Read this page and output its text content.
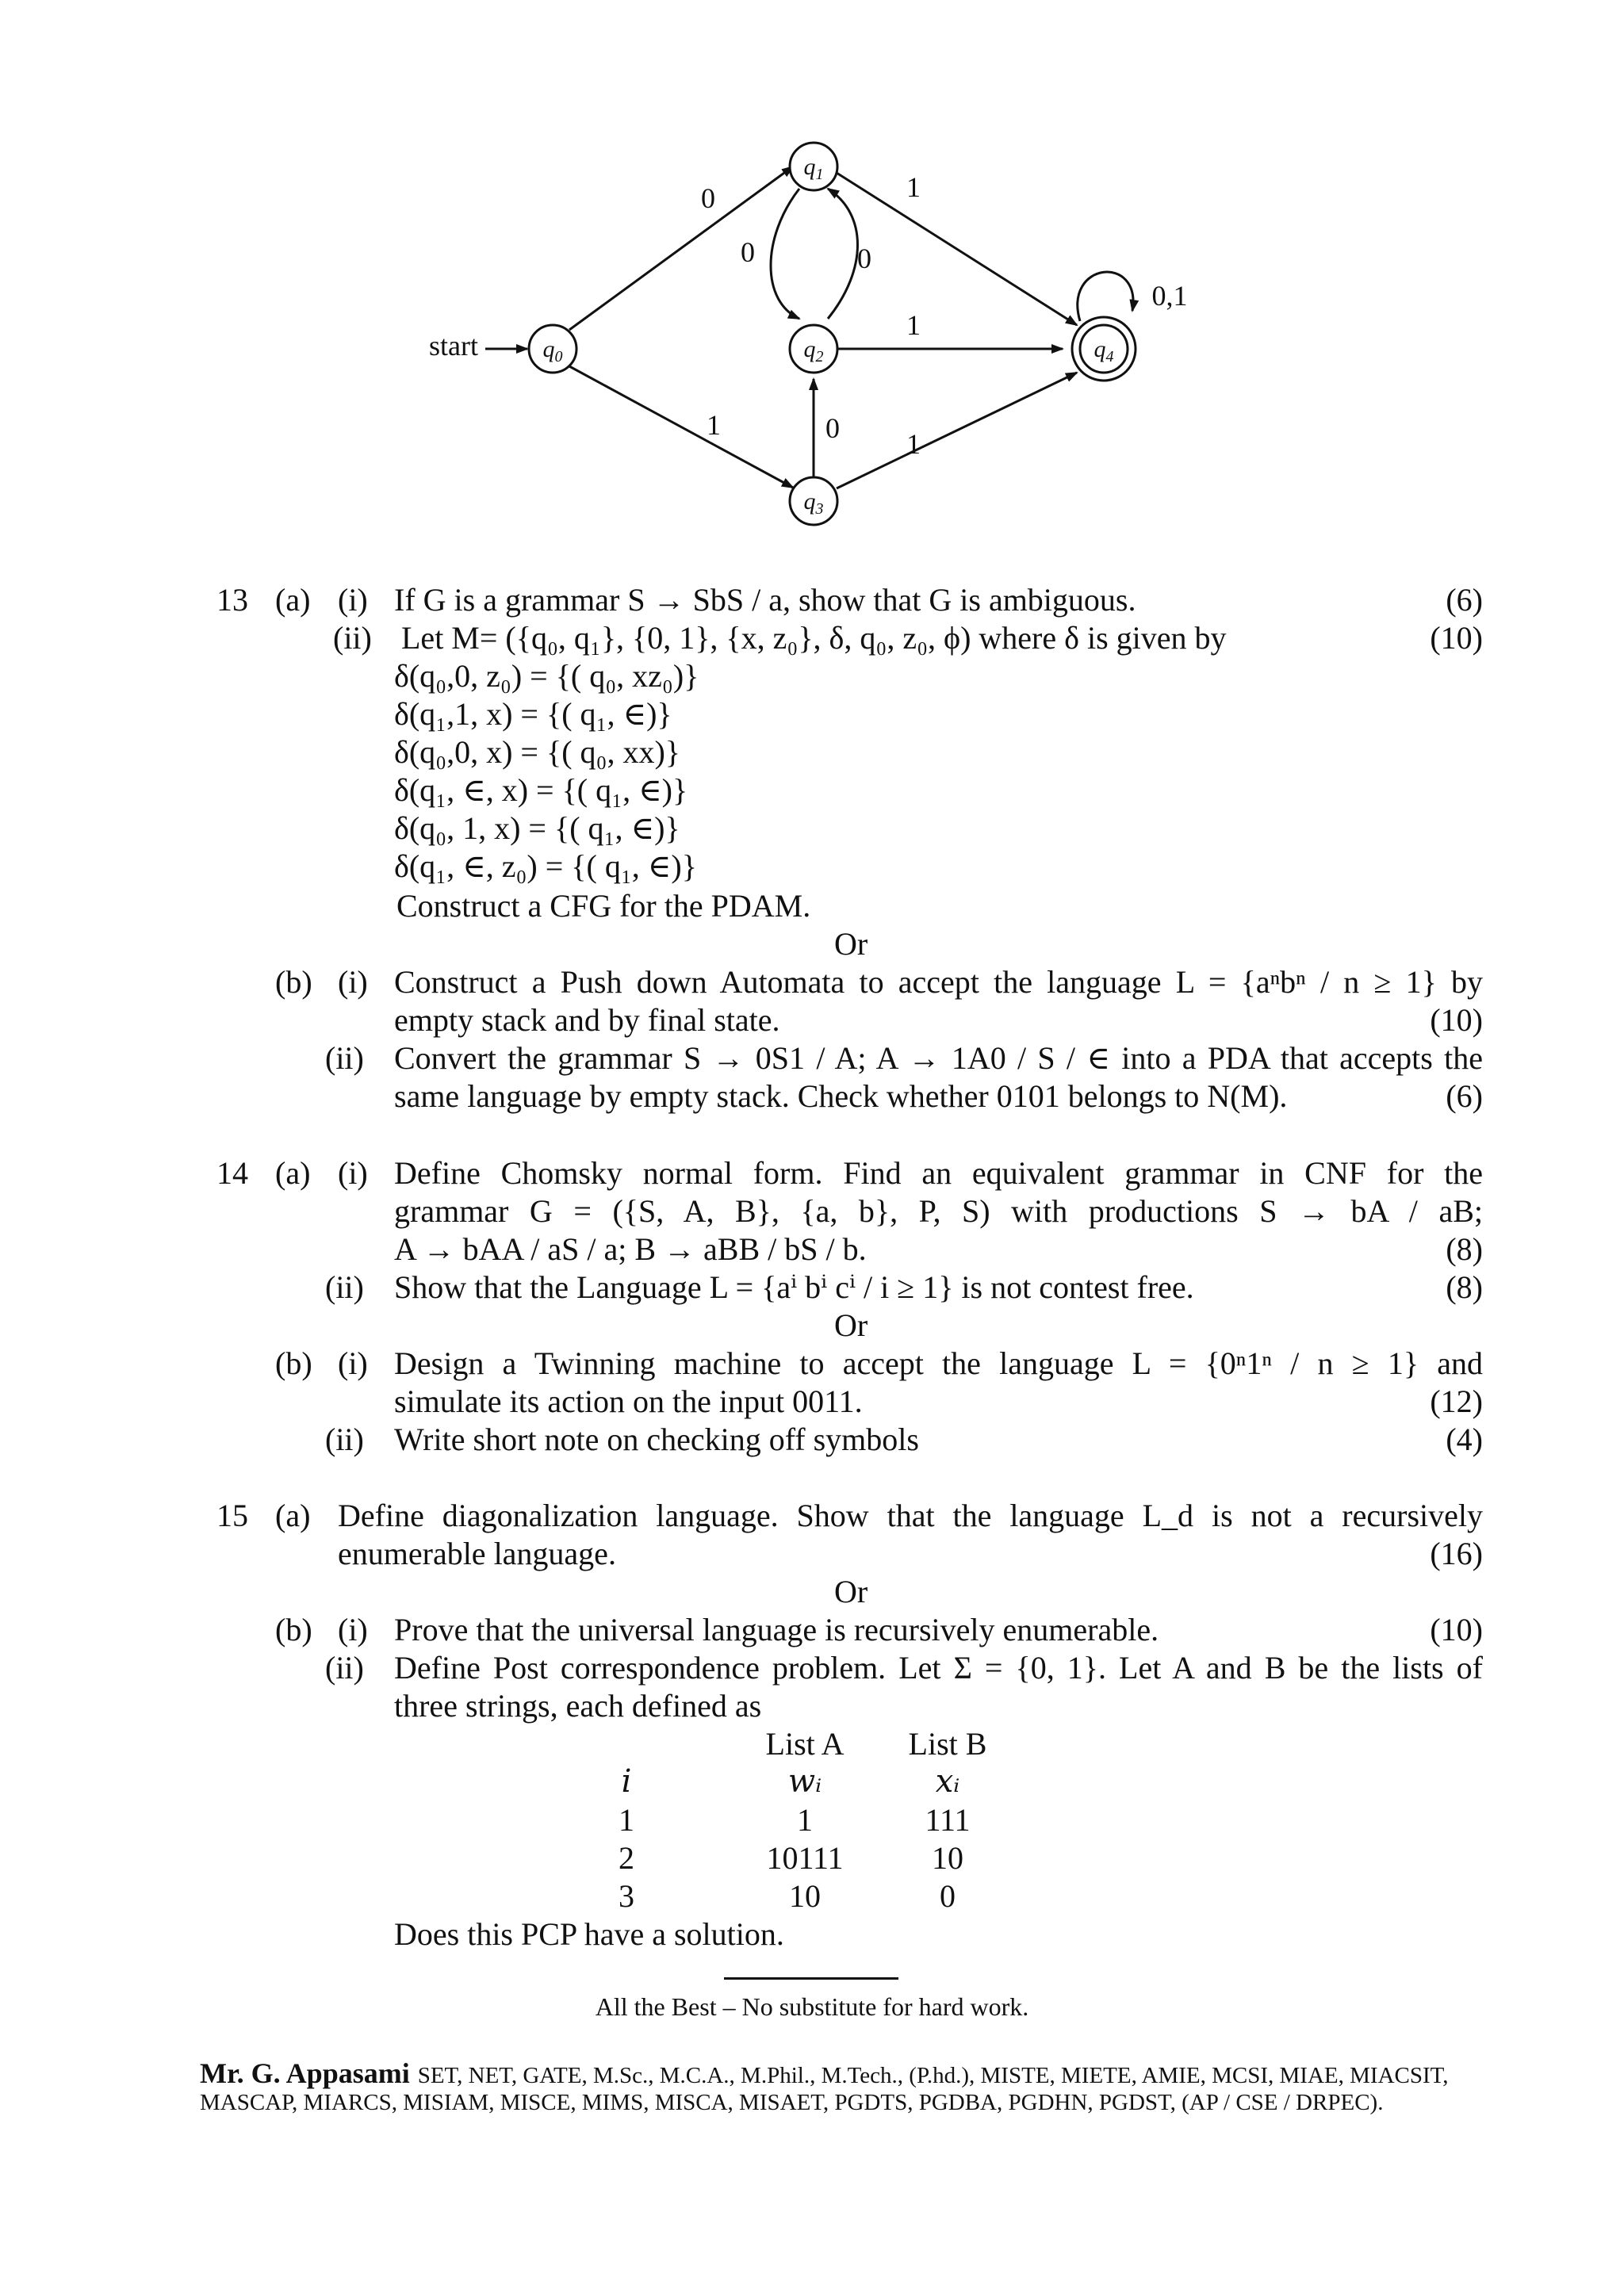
$q_0$
$q_1$
$q_2$
$q_3$
$q_4$
start
0
1
0	0
1
1
0 1
0,1
13 (a) (i) If G is a grammar S → SbS / a, show that G is ambiguous.	(6)
(ii) Let M= ({q₀, q₁}, {0, 1}, {x, z₀}, δ, q₀, z₀, ϕ) where δ is given by	(10)
δ(q₀,0, z₀) = {( q₀, xz₀)}
δ(q₁,1, x) = {( q₁, ∈)}
δ(q₀,0, x) = {( q₀, xx)}
δ(q₁, ∈, x) = {( q₁, ∈)}
δ(q₀, 1, x) = {( q₁, ∈)}
δ(q₁, ∈, z₀) = {( q₁, ∈)}
Construct a CFG for the PDAM.
Or
(b) (i) Construct a Push down Automata to accept the language L = {aⁿbⁿ / n ≥ 1} by
empty stack and by final state.	(10)
(ii) Convert the grammar S → 0S1 / A; A → 1A0 / S / ∈ into a PDA that accepts the
same language by empty stack. Check whether 0101 belongs to N(M).	(6)
14 (a) (i) Define Chomsky normal form. Find an equivalent grammar in CNF for the
grammar G = ({S, A, B}, {a, b}, P, S) with productions S → bA / aB;
A → bAA / aS / a; B → aBB / bS / b.	(8)
(ii) Show that the Language L = {aⁱ bⁱ cⁱ / i ≥ 1} is not contest free.	(8)
Or
(b) (i) Design a Twinning machine to accept the language L = {0ⁿ1ⁿ / n ≥ 1} and
simulate its action on the input 0011.	(12)
(ii) Write short note on checking off symbols	(4)
15 (a) Define diagonalization language. Show that the language L_d is not a recursively
enumerable language.	(16)
Or
(b) (i) Prove that the universal language is recursively enumerable.	(10)
(ii) Define Post correspondence problem. Let Σ = {0, 1}. Let A and B be the lists of
three strings, each defined as
List A	List B
i	wᵢ	xᵢ
1	1	111
2	10111	10
3	10	0
Does this PCP have a solution.
All the Best – No substitute for hard work.
Mr. G. Appasami SET, NET, GATE, M.Sc., M.C.A., M.Phil., M.Tech., (P.hd.), MISTE, MIETE, AMIE, MCSI, MIAE, MIACSIT,
MASCAP, MIARCS, MISIAM, MISCE, MIMS, MISCA, MISAET, PGDTS, PGDBA, PGDHN, PGDST, (AP / CSE / DRPEC).
